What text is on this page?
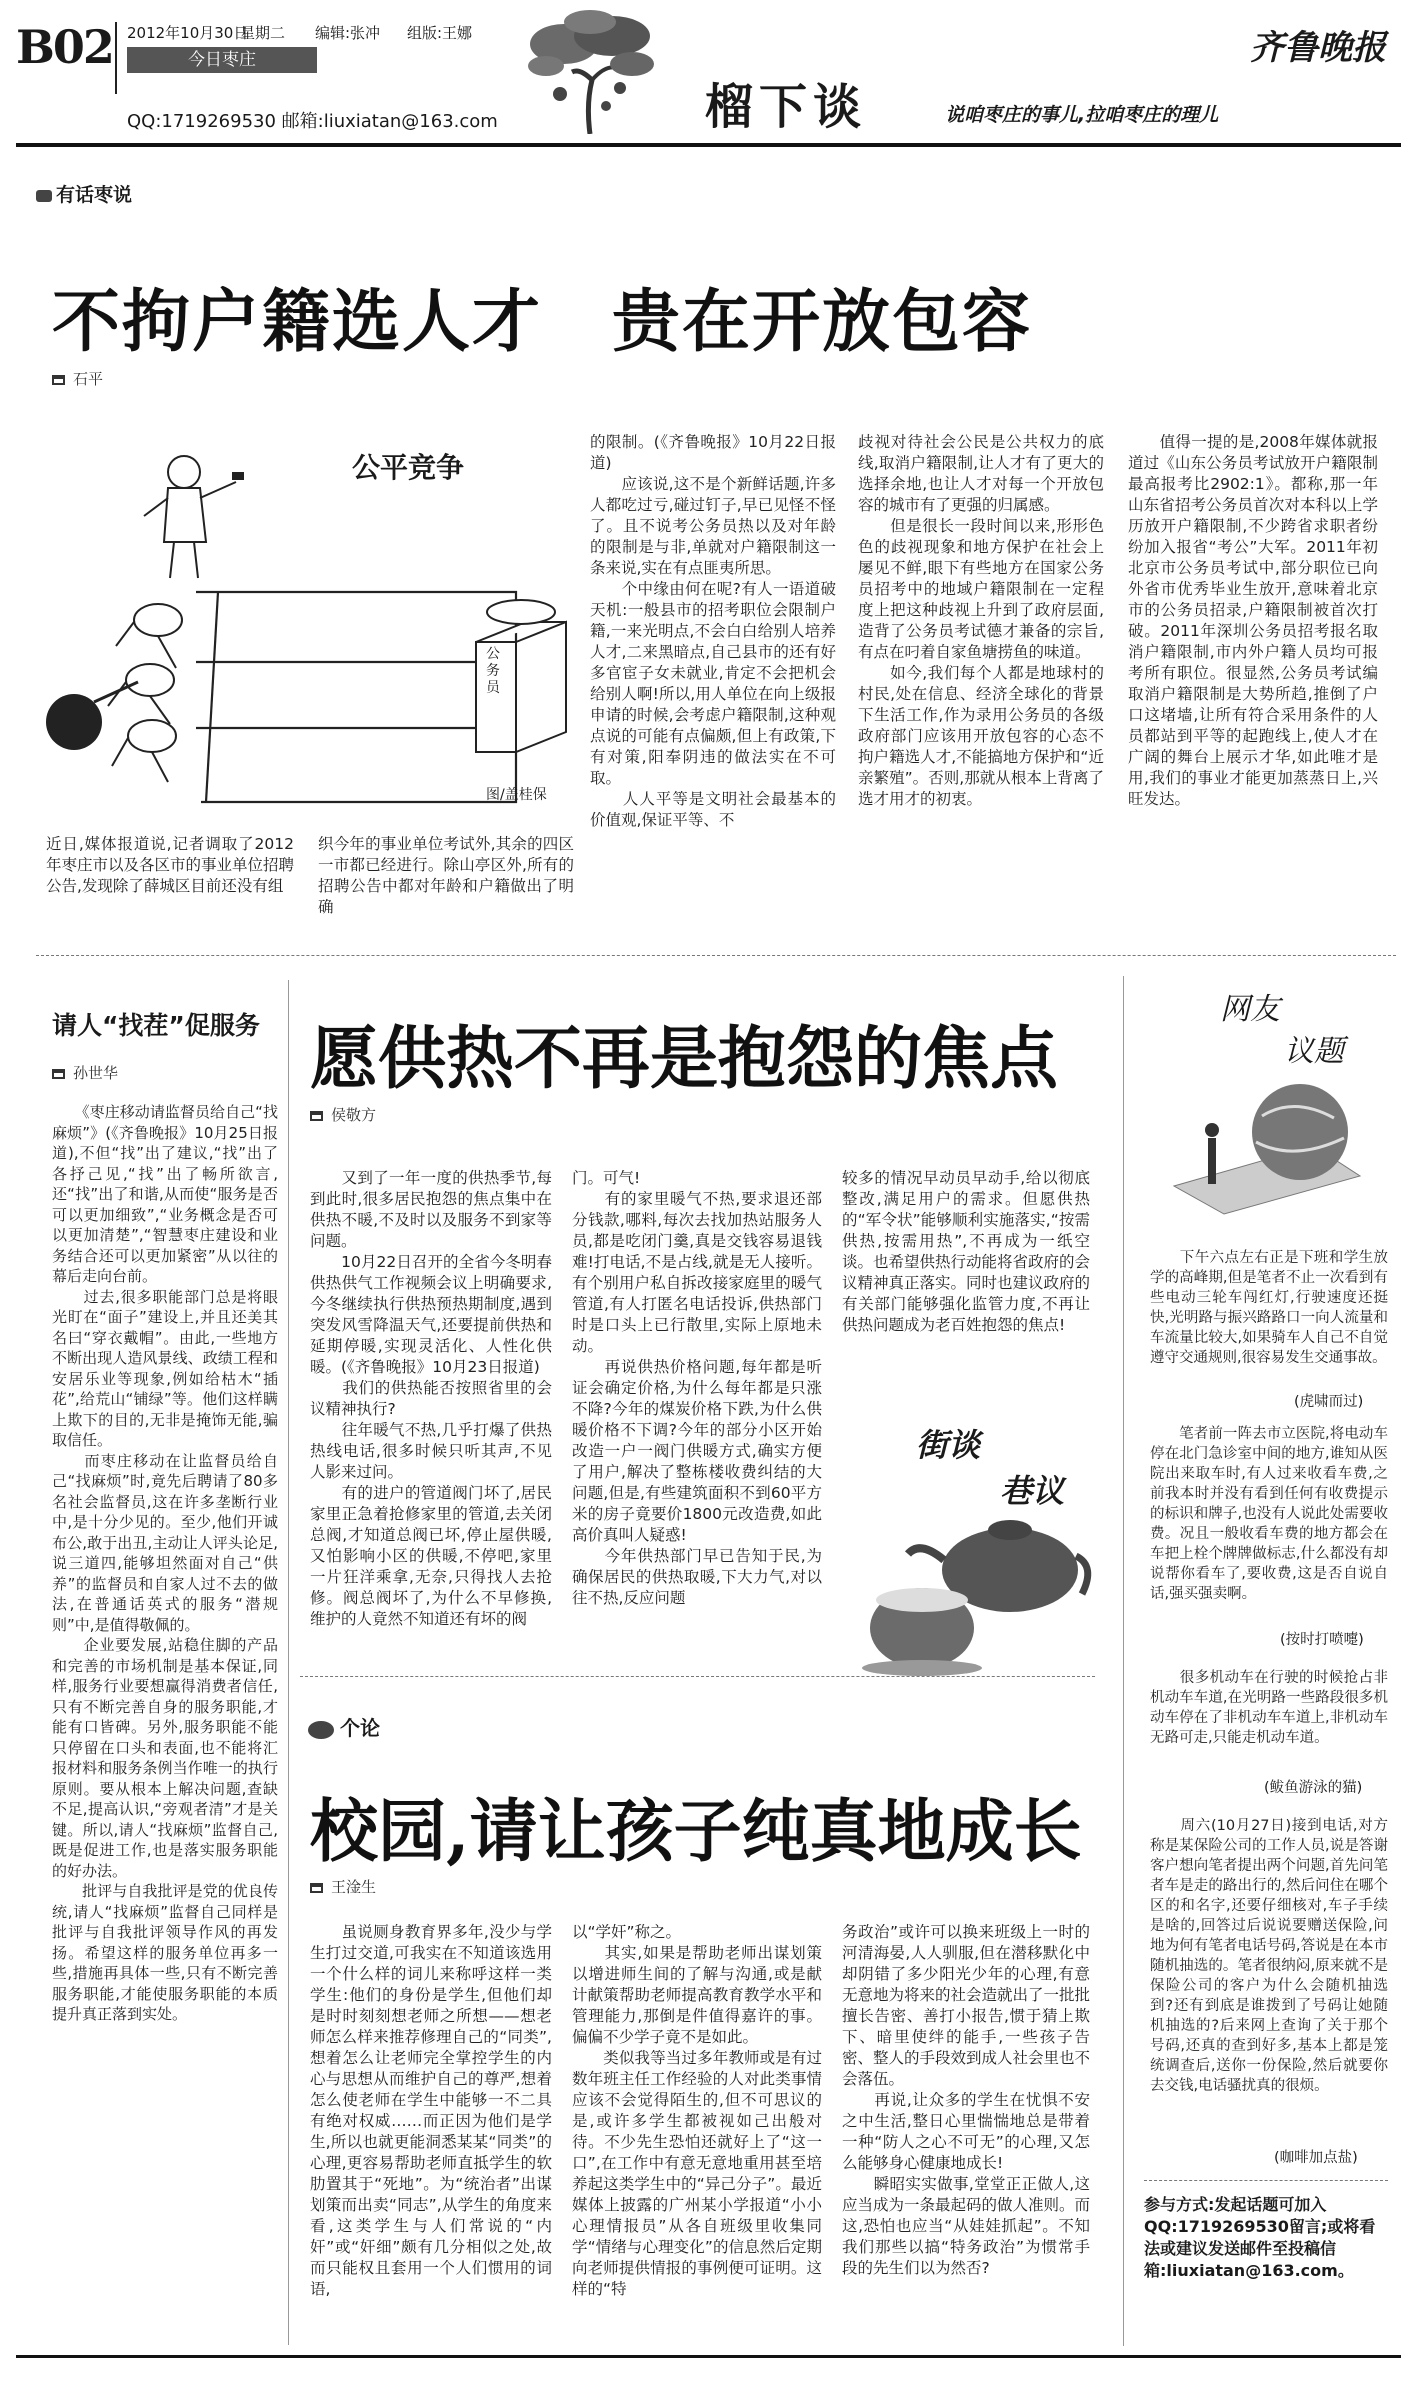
B02 2012年10月30日
星期二 编辑:张冲 组版:王娜
今日枣庄
QQ:1719269530 邮箱:liuxiatan@163.com	榴下谈	说咱枣庄的事儿,拉咱枣庄的理儿
齐鲁晚报
有话枣说
不拘户籍选人才　贵在开放包容
石平
公平竞争
外地户口
公务员
图/盖桂保
近日,媒体报道说,记者调取了2012年枣庄市以及各区市的事业单位招聘公告,发现除了薛城区目前还没有组
织今年的事业单位考试外,其余的四区一市都已经进行。除山亭区外,所有的招聘公告中都对年龄和户籍做出了明确
的限制。(《齐鲁晚报》10月22日报道)
　　应该说,这不是个新鲜话题,许多人都吃过亏,碰过钉子,早已见怪不怪了。且不说考公务员热以及对年龄的限制是与非,单就对户籍限制这一条来说,实在有点匪夷所思。
　　个中缘由何在呢?有人一语道破天机:一般县市的招考职位会限制户籍,一来光明点,不会白白给别人培养人才,二来黑暗点,自己县市的还有好多官宦子女未就业,肯定不会把机会给别人啊!所以,用人单位在向上级报申请的时候,会考虑户籍限制,这种观点说的可能有点偏颇,但上有政策,下有对策,阳奉阴违的做法实在不可取。
　　人人平等是文明社会最基本的价值观,保证平等、不
歧视对待社会公民是公共权力的底线,取消户籍限制,让人才有了更大的选择余地,也让人才对每一个开放包容的城市有了更强的归属感。
　　但是很长一段时间以来,形形色色的歧视现象和地方保护在社会上屡见不鲜,眼下有些地方在国家公务员招考中的地域户籍限制在一定程度上把这种歧视上升到了政府层面,造背了公务员考试德才兼备的宗旨,有点在叼着自家鱼塘捞鱼的味道。
　　如今,我们每个人都是地球村的村民,处在信息、经济全球化的背景下生活工作,作为录用公务员的各级政府部门应该用开放包容的心态不拘户籍选人才,不能搞地方保护和“近亲繁殖”。否则,那就从根本上背离了选才用才的初衷。
　　值得一提的是,2008年媒体就报道过《山东公务员考试放开户籍限制　最高报考比2902:1》。都称,那一年山东省招考公务员首次对本科以上学历放开户籍限制,不少跨省求职者纷纷加入报省“考公”大军。2011年初北京市公务员考试中,部分职位已向外省市优秀毕业生放开,意味着北京市的公务员招录,户籍限制被首次打破。2011年深圳公务员招考报名取消户籍限制,市内外户籍人员均可报考所有职位。很显然,公务员考试编取消户籍限制是大势所趋,推倒了户口这堵墙,让所有符合采用条件的人员都站到平等的起跑线上,使人才在广阔的舞台上展示才华,如此唯才是用,我们的事业才能更加蒸蒸日上,兴旺发达。
请人“找茬”促服务
孙世华
　　《枣庄移动请监督员给自己“找麻烦”》(《齐鲁晚报》10月25日报道),不但“找”出了建议,“找”出了各抒己见,“找”出了畅所欲言,还“找”出了和谐,从而使“服务是否可以更加细致”,“业务概念是否可以更加清楚”,“智慧枣庄建设和业务结合还可以更加紧密”从以往的幕后走向台前。
　　过去,很多职能部门总是将眼光盯在“面子”建设上,并且还美其名曰“穿衣戴帽”。由此,一些地方不断出现人造风景线、政绩工程和安居乐业等现象,例如给枯木“插花”,给荒山“铺绿”等。他们这样瞒上欺下的目的,无非是掩饰无能,骗取信任。
　　而枣庄移动在让监督员给自己“找麻烦”时,竟先后聘请了80多名社会监督员,这在许多垄断行业中,是十分少见的。至少,他们开诚布公,敢于出丑,主动让人评头论足,说三道四,能够坦然面对自己“供养”的监督员和自家人过不去的做法,在普通话英式的服务“潜规则”中,是值得敬佩的。
　　企业要发展,站稳住脚的产品和完善的市场机制是基本保证,同样,服务行业要想赢得消费者信任,只有不断完善自身的服务职能,才能有口皆碑。另外,服务职能不能只停留在口头和表面,也不能将汇报材料和服务条例当作唯一的执行原则。要从根本上解决问题,查缺不足,提高认识,“旁观者清”才是关键。所以,请人“找麻烦”监督自己,既是促进工作,也是落实服务职能的好办法。
　　批评与自我批评是党的优良传统,请人“找麻烦”监督自己同样是批评与自我批评领导作风的再发扬。希望这样的服务单位再多一些,措施再具体一些,只有不断完善服务职能,才能使服务职能的本质提升真正落到实处。
愿供热不再是抱怨的焦点
侯敬方
　　又到了一年一度的供热季节,每到此时,很多居民抱怨的焦点集中在供热不暖,不及时以及服务不到家等问题。
　　10月22日召开的全省今冬明春供热供气工作视频会议上明确要求,今冬继续执行供热预热期制度,遇到突发风雪降温天气,还要提前供热和延期停暖,实现灵活化、人性化供暖。(《齐鲁晚报》10月23日报道)
　　我们的供热能否按照省里的会议精神执行?
　　往年暖气不热,几乎打爆了供热热线电话,很多时候只听其声,不见人影来过问。
　　有的进户的管道阀门坏了,居民家里正急着抢修家里的管道,去关闭总阀,才知道总阀已坏,停止屋供暖,又怕影响小区的供暖,不停吧,家里一片狂洋乘拿,无奈,只得找人去抢修。阀总阀坏了,为什么不早修换,维护的人竟然不知道还有坏的阀
门。可气!
　　有的家里暖气不热,要求退还部分钱款,哪料,每次去找加热站服务人员,都是吃闭门羹,真是交钱容易退钱难!打电话,不是占线,就是无人接听。有个别用户私自拆改接家庭里的暖气管道,有人打匿名电话投诉,供热部门时是口头上已行散里,实际上原地未动。
　　再说供热价格问题,每年都是听证会确定价格,为什么每年都是只涨不降?今年的煤炭价格下跌,为什么供暖价格不下调?今年的部分小区开始改造一户一阀门供暖方式,确实方便了用户,解决了整栋楼收费纠结的大问题,但是,有些建筑面积不到60平方米的房子竟要价1800元改造费,如此高价真叫人疑惑!
　　今年供热部门早已告知于民,为确保居民的供热取暖,下大力气,对以往不热,反应问题
较多的情况早动员早动手,给以彻底整改,满足用户的需求。但愿供热的“军令状”能够顺利实施落实,“按需供热,按需用热”,不再成为一纸空谈。也希望供热行动能将省政府的会议精神真正落实。同时也建议政府的有关部门能够强化监管力度,不再让供热问题成为老百姓抱怨的焦点!
街谈
巷议
个论
校园,请让孩子纯真地成长
王淦生
　　虽说厕身教育界多年,没少与学生打过交道,可我实在不知道该选用一个什么样的词儿来称呼这样一类学生:他们的身份是学生,但他们却是时时刻刻想老师之所想——想老师怎么样来推荐修理自己的“同类”,想着怎么让老师完全掌控学生的内心与思想从而维护自己的尊严,想着怎么使老师在学生中能够一不二具有绝对权威……而正因为他们是学生,所以也就更能洞悉某某“同类”的心理,更容易帮助老师直抵学生的软肋置其于“死地”。为“统治者”出谋划策而出卖“同志”,从学生的角度来看,这类学生与人们常说的“内奸”或“奸细”颇有几分相似之处,故而只能权且套用一个人们惯用的词语,
以“学奸”称之。
　　其实,如果是帮助老师出谋划策以增进师生间的了解与沟通,或是献计献策帮助老师提高教育教学水平和管理能力,那倒是件值得嘉许的事。偏偏不少学子竟不是如此。
　　类似我等当过多年教师或是有过数年班主任工作经验的人对此类事情应该不会觉得陌生的,但不可思议的是,或许多学生都被视如己出般对待。不少先生恐怕还就好上了“这一口”,在工作中有意无意地重用甚至培养起这类学生中的“异己分子”。最近媒体上披露的广州某小学报道“小小心理情报员”从各自班级里收集同学“情绪与心理变化”的信息然后定期向老师提供情报的事例便可证明。这样的“特
务政治”或许可以换来班级上一时的河清海晏,人人驯服,但在潜移默化中却阴错了多少阳光少年的心理,有意无意地为将来的社会造就出了一批批擅长告密、善打小报告,惯于猜上欺下、暗里使绊的能手,一些孩子告密、整人的手段效到成人社会里也不会落伍。
　　再说,让众多的学生在忧惧不安之中生活,整日心里惴惴地总是带着一种“防人之心不可无”的心理,又怎么能够身心健康地成长!
　　瞬昭实实做事,堂堂正正做人,这应当成为一条最起码的做人准则。而这,恐怕也应当“从娃娃抓起”。不知我们那些以搞“特务政治”为惯常手段的先生们以为然否?
网友
议题
　　下午六点左右正是下班和学生放学的高峰期,但是笔者不止一次看到有些电动三轮车闯红灯,行驶速度还挺快,光明路与振兴路路口一向人流量和车流量比较大,如果骑车人自己不自觉遵守交通规则,很容易发生交通事故。
(虎啸而过)
　　笔者前一阵去市立医院,将电动车停在北门急诊室中间的地方,谁知从医院出来取车时,有人过来收看车费,之前我本时并没有看到任何有收费提示的标识和牌子,也没有人说此处需要收费。况且一般收看车费的地方都会在车把上栓个牌牌做标志,什么都没有却说帮你看车了,要收费,这是否自说自话,强买强卖啊。
(按时打喷嚏)
　　很多机动车在行驶的时候抢占非机动车车道,在光明路一些路段很多机动车停在了非机动车车道上,非机动车无路可走,只能走机动车道。
(鲅鱼游泳的猫)
　　周六(10月27日)接到电话,对方称是某保险公司的工作人员,说是答谢客户想向笔者提出两个问题,首先问笔者车是走的路出行的,然后问住在哪个区的和名字,还要仔细核对,车子手续是啥的,回答过后说说要赠送保险,问地为何有笔者电话号码,答说是在本市随机抽选的。笔者很纳闷,原来就不是保险公司的客户为什么会随机抽选到?还有到底是谁拨到了号码让她随机抽选的?后来网上查询了关于那个号码,还真的查到好多,基本上都是笼统调查后,送你一份保险,然后就要你去交钱,电话骚扰真的很烦。
(咖啡加点盐)
参与方式:发起话题可加入QQ:1719269530留言;或将看法或建议发送邮件至投稿信箱:liuxiatan@163.com。
